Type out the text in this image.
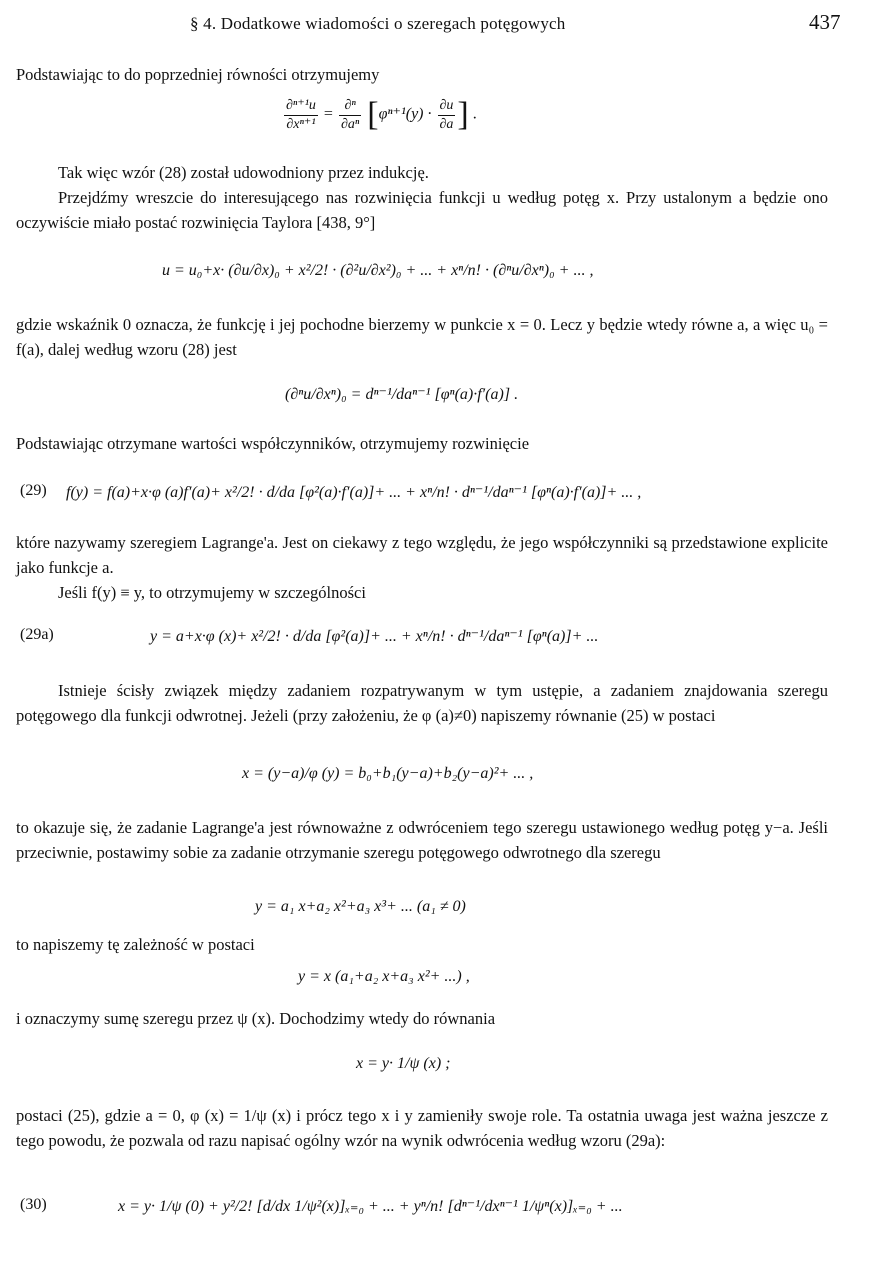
§ 4. Dodatkowe wiadomości o szeregach potęgowych	437
Podstawiając to do poprzedniej równości otrzymujemy
$\frac{\text{∂ⁿ⁺¹u}}{\text{∂xⁿ⁺¹}} = \frac{\text{∂ⁿ}}{\text{∂aⁿ}} [\varphi^{n+1}(y) \cdot \frac{\partial u}{\partial a}$ ] .
Tak więc wzór (28) został udowodniony przez indukcję.
Przejdźmy wreszcie do interesującego nas rozwinięcia funkcji u według potęg x. Przy ustalonym a będzie ono oczywiście miało postać rozwinięcia Taylora [438, 9°]
u = u₀+x· (∂u/∂x)₀ + x²/2! · (∂²u/∂x²)₀ + ... + xⁿ/n! · (∂ⁿu/∂xⁿ)₀ + ... ,
gdzie wskaźnik 0 oznacza, że funkcję i jej pochodne bierzemy w punkcie x = 0. Lecz y będzie wtedy równe a, a więc u₀ = f(a), dalej według wzoru (28) jest
(∂ⁿu/∂xⁿ)₀ = dⁿ⁻¹/daⁿ⁻¹ [φⁿ(a)·f′(a)] .
Podstawiając otrzymane wartości współczynników, otrzymujemy rozwinięcie
(29) f(y) = f(a)+x·φ (a)f′(a)+ x²/2! · d/da [φ²(a)·f′(a)]+ ... + xⁿ/n! · dⁿ⁻¹/daⁿ⁻¹ [φⁿ(a)·f′(a)]+ ... ,
które nazywamy szeregiem Lagrange'a. Jest on ciekawy z tego względu, że jego współczynniki są przedstawione explicite jako funkcje a.
Jeśli f(y) ≡ y, to otrzymujemy w szczególności
(29a)	y = a+x·φ (x)+ x²/2! · d/da [φ²(a)]+ ... + xⁿ/n! · dⁿ⁻¹/daⁿ⁻¹ [φⁿ(a)]+ ...
Istnieje ścisły związek między zadaniem rozpatrywanym w tym ustępie, a zadaniem znajdowania szeregu potęgowego dla funkcji odwrotnej. Jeżeli (przy założeniu, że φ (a)≠0) napiszemy równanie (25) w postaci
x = (y−a)/φ (y) = b₀+b₁(y−a)+b₂(y−a)²+ ... ,
to okazuje się, że zadanie Lagrange'a jest równoważne z odwróceniem tego szeregu ustawionego według potęg y−a. Jeśli przeciwnie, postawimy sobie za zadanie otrzymanie szeregu potęgowego odwrotnego dla szeregu
y = a₁ x+a₂ x²+a₃ x³+ ... (a₁ ≠ 0)
to napiszemy tę zależność w postaci
y = x (a₁+a₂ x+a₃ x²+ ...) ,
i oznaczymy sumę szeregu przez ψ (x). Dochodzimy wtedy do równania
x = y· 1/ψ (x) ;
postaci (25), gdzie a = 0, φ (x) = 1/ψ (x) i prócz tego x i y zamieniły swoje role. Ta ostatnia uwaga jest ważna jeszcze z tego powodu, że pozwala od razu napisać ogólny wzór na wynik odwrócenia według wzoru (29a):
(30)	x = y· 1/ψ (0) + y²/2! [d/dx 1/ψ²(x)]ₓ₌₀ + ... + yⁿ/n! [dⁿ⁻¹/dxⁿ⁻¹ 1/ψⁿ(x)]ₓ₌₀ + ...
